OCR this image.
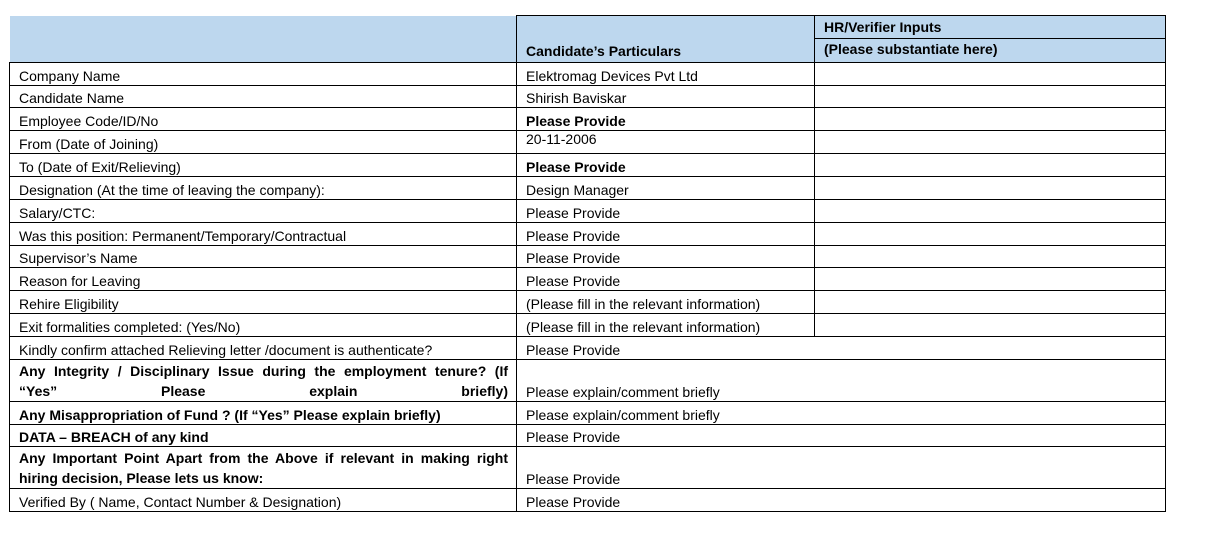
	Candidate’s Particulars	HR/Verifier Inputs
(Please substantiate here)

Company Name	Elektromag Devices Pvt Ltd	
Candidate Name	Shirish Baviskar	
Employee Code/ID/No	Please Provide	
From (Date of Joining)	20-11-2006	
To (Date of Exit/Relieving)	Please Provide	
Designation (At the time of leaving the company):	Design Manager	
Salary/CTC:	Please Provide	
Was this position: Permanent/Temporary/Contractual	Please Provide	
Supervisor’s Name	Please Provide	
Reason for Leaving	Please Provide	
Rehire Eligibility	(Please fill in the relevant information)	
Exit formalities completed: (Yes/No)	(Please fill in the relevant information)	
Kindly confirm attached Relieving letter /document is authenticate?	Please Provide	
Any Integrity / Disciplinary Issue during the employment tenure? (If “Yes” Please explain briefly)	Please explain/comment briefly	
Any Misappropriation of Fund ? (If “Yes” Please explain briefly)	Please explain/comment briefly	
DATA – BREACH of any kind	Please Provide	
Any Important Point Apart from the Above if relevant in making right hiring decision, Please lets us know:	Please Provide	
Verified By ( Name, Contact Number & Designation)	Please Provide	
